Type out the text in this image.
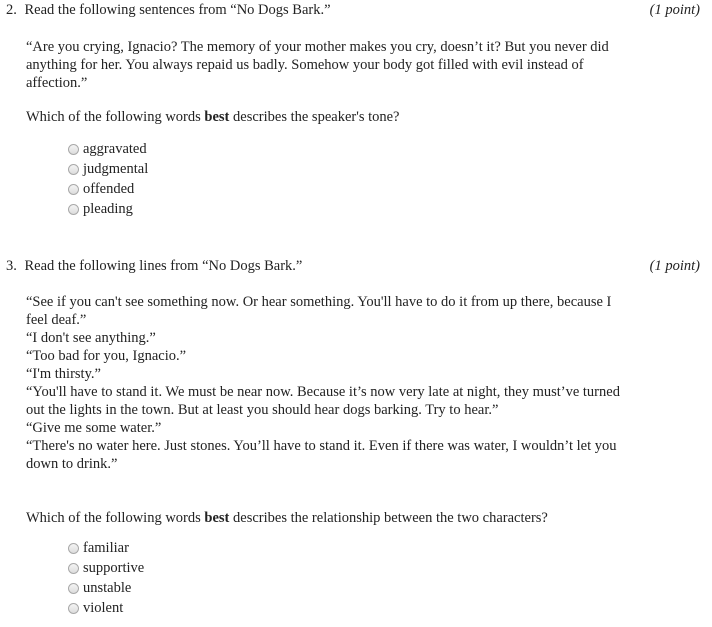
2. Read the following sentences from “No Dogs Bark.”	(1 point)

“Are you crying, Ignacio? The memory of your mother makes you cry, doesn’t it? But you never did anything for her. You always repaid us badly. Somehow your body got filled with evil instead of affection.”

Which of the following words best describes the speaker's tone?
aggravated
judgmental
offended
pleading
3. Read the following lines from “No Dogs Bark.”	(1 point)

“See if you can't see something now. Or hear something. You'll have to do it from up there, because I feel deaf.”

“I don't see anything.”

“Too bad for you, Ignacio.”

“I'm thirsty.”

“You'll have to stand it. We must be near now. Because it’s now very late at night, they must’ve turned out the lights in the town. But at least you should hear dogs barking. Try to hear.”

“Give me some water.”

“There's no water here. Just stones. You’ll have to stand it. Even if there was water, I wouldn’t let you down to drink.”

Which of the following words best describes the relationship between the two characters?
familiar
supportive
unstable
violent
